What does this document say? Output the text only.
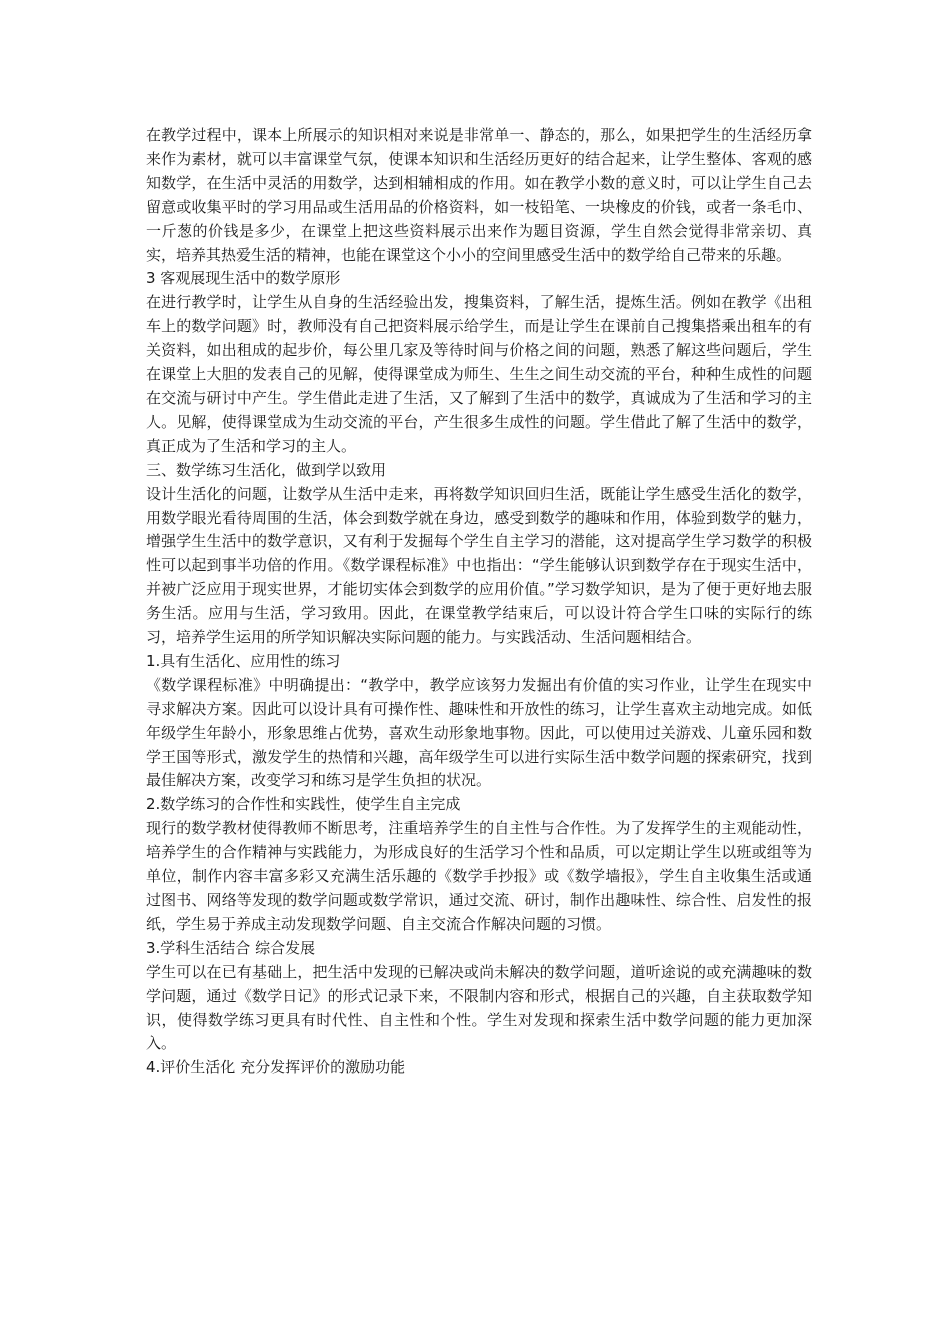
在教学过程中，课本上所展示的知识相对来说是非常单一、静态的，那么，如果把学生的生活经历拿来作为素材，就可以丰富课堂气氛，使课本知识和生活经历更好的结合起来，让学生整体、客观的感知数学，在生活中灵活的用数学，达到相辅相成的作用。如在教学小数的意义时，可以让学生自己去留意或收集平时的学习用品或生活用品的价格资料，如一枝铅笔、一块橡皮的价钱，或者一条毛巾、一斤葱的价钱是多少，在课堂上把这些资料展示出来作为题目资源，学生自然会觉得非常亲切、真实，培养其热爱生活的精神，也能在课堂这个小小的空间里感受生活中的数学给自己带来的乐趣。

3 客观展现生活中的数学原形

在进行教学时，让学生从自身的生活经验出发，搜集资料，了解生活，提炼生活。例如在教学《出租车上的数学问题》时，教师没有自己把资料展示给学生，而是让学生在课前自己搜集搭乘出租车的有关资料，如出租成的起步价，每公里几家及等待时间与价格之间的问题，熟悉了解这些问题后，学生在课堂上大胆的发表自己的见解，使得课堂成为师生、生生之间生动交流的平台，种种生成性的问题在交流与研讨中产生。学生借此走进了生活，又了解到了生活中的数学，真诚成为了生活和学习的主人。见解，使得课堂成为生动交流的平台，产生很多生成性的问题。学生借此了解了生活中的数学，真正成为了生活和学习的主人。

三、数学练习生活化，做到学以致用

设计生活化的问题，让数学从生活中走来，再将数学知识回归生活，既能让学生感受生活化的数学，用数学眼光看待周围的生活，体会到数学就在身边，感受到数学的趣味和作用，体验到数学的魅力，增强学生生活中的数学意识，又有利于发掘每个学生自主学习的潜能，这对提高学生学习数学的积极性可以起到事半功倍的作用。《数学课程标准》中也指出：“学生能够认识到数学存在于现实生活中，并被广泛应用于现实世界，才能切实体会到数学的应用价值。”学习数学知识，是为了便于更好地去服务生活。应用与生活，学习致用。因此，在课堂教学结束后，可以设计符合学生口味的实际行的练习，培养学生运用的所学知识解决实际问题的能力。与实践活动、生活问题相结合。

1.具有生活化、应用性的练习

《数学课程标准》中明确提出：“教学中，教学应该努力发掘出有价值的实习作业，让学生在现实中寻求解决方案。因此可以设计具有可操作性、趣味性和开放性的练习，让学生喜欢主动地完成。如低年级学生年龄小，形象思维占优势，喜欢生动形象地事物。因此，可以使用过关游戏、儿童乐园和数学王国等形式，激发学生的热情和兴趣，高年级学生可以进行实际生活中数学问题的探索研究，找到最佳解决方案，改变学习和练习是学生负担的状况。

2.数学练习的合作性和实践性，使学生自主完成

现行的数学教材使得教师不断思考，注重培养学生的自主性与合作性。为了发挥学生的主观能动性，培养学生的合作精神与实践能力，为形成良好的生活学习个性和品质，可以定期让学生以班或组等为单位，制作内容丰富多彩又充满生活乐趣的《数学手抄报》或《数学墙报》，学生自主收集生活或通过图书、网络等发现的数学问题或数学常识，通过交流、研讨，制作出趣味性、综合性、启发性的报纸，学生易于养成主动发现数学问题、自主交流合作解决问题的习惯。

3.学科生活结合 综合发展

学生可以在已有基础上，把生活中发现的已解决或尚未解决的数学问题，道听途说的或充满趣味的数学问题，通过《数学日记》的形式记录下来，不限制内容和形式，根据自己的兴趣，自主获取数学知识，使得数学练习更具有时代性、自主性和个性。学生对发现和探索生活中数学问题的能力更加深入。

4.评价生活化 充分发挥评价的激励功能
